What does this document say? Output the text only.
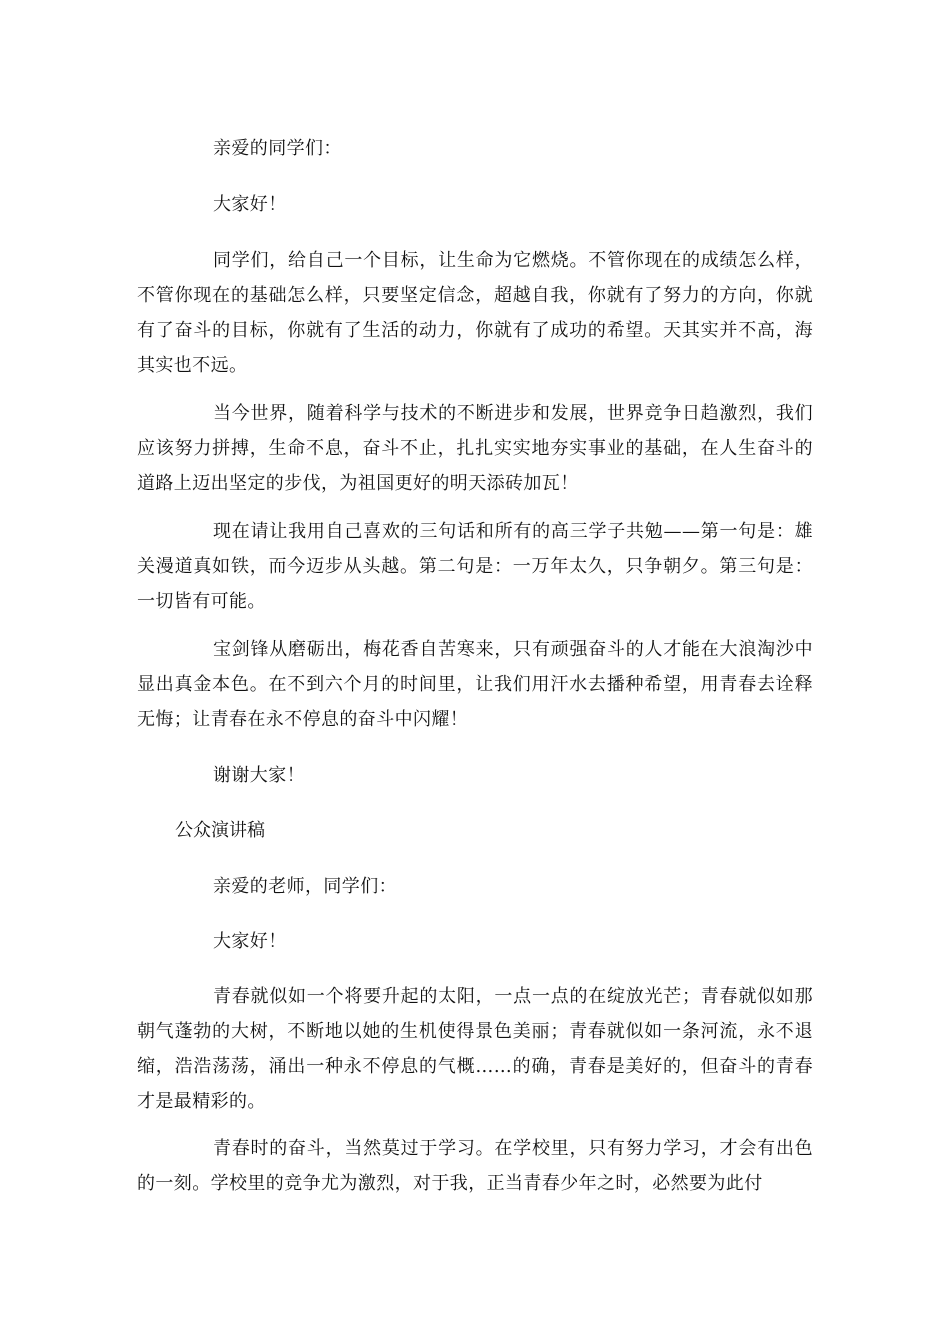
亲爱的同学们：

大家好！

同学们，给自己一个目标，让生命为它燃烧。不管你现在的成绩怎么样，不管你现在的基础怎么样，只要坚定信念，超越自我，你就有了努力的方向，你就有了奋斗的目标，你就有了生活的动力，你就有了成功的希望。天其实并不高，海其实也不远。

当今世界，随着科学与技术的不断进步和发展，世界竞争日趋激烈，我们应该努力拼搏，生命不息，奋斗不止，扎扎实实地夯实事业的基础，在人生奋斗的道路上迈出坚定的步伐，为祖国更好的明天添砖加瓦！

现在请让我用自己喜欢的三句话和所有的高三学子共勉——第一句是：雄关漫道真如铁，而今迈步从头越。第二句是：一万年太久，只争朝夕。第三句是：一切皆有可能。

宝剑锋从磨砺出，梅花香自苦寒来，只有顽强奋斗的人才能在大浪淘沙中显出真金本色。在不到六个月的时间里，让我们用汗水去播种希望，用青春去诠释无悔；让青春在永不停息的奋斗中闪耀！

谢谢大家！

公众演讲稿

亲爱的老师，同学们：

大家好！

青春就似如一个将要升起的太阳，一点一点的在绽放光芒；青春就似如那朝气蓬勃的大树，不断地以她的生机使得景色美丽；青春就似如一条河流，永不退缩，浩浩荡荡，涌出一种永不停息的气概……的确，青春是美好的，但奋斗的青春才是最精彩的。

青春时的奋斗，当然莫过于学习。在学校里，只有努力学习，才会有出色的一刻。学校里的竞争尤为激烈，对于我，正当青春少年之时，必然要为此付
